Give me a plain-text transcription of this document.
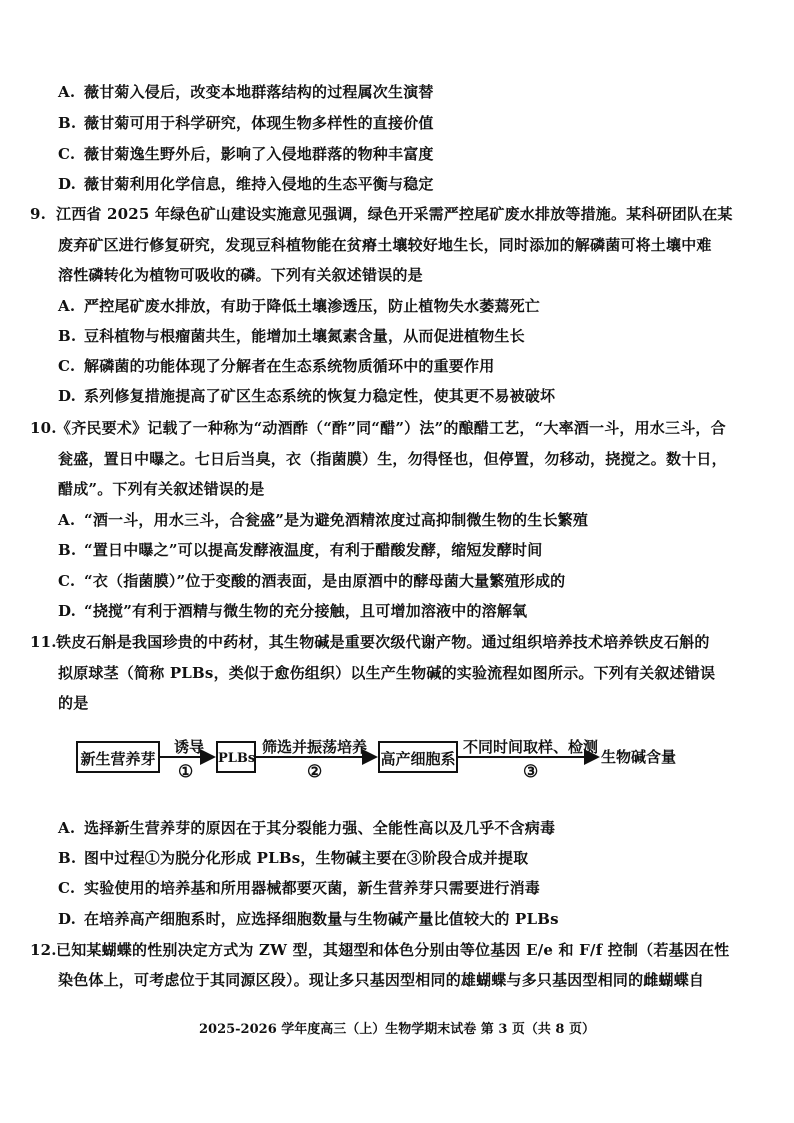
A. 薇甘菊入侵后，改变本地群落结构的过程属次生演替
B. 薇甘菊可用于科学研究，体现生物多样性的直接价值
C. 薇甘菊逸生野外后，影响了入侵地群落的物种丰富度
D. 薇甘菊利用化学信息，维持入侵地的生态平衡与稳定
9. 江西省 2025 年绿色矿山建设实施意见强调，绿色开采需严控尾矿废水排放等措施。某科研团队在某
废弃矿区进行修复研究，发现豆科植物能在贫瘠土壤较好地生长，同时添加的解磷菌可将土壤中难
溶性磷转化为植物可吸收的磷。下列有关叙述错误的是
A. 严控尾矿废水排放，有助于降低土壤渗透压，防止植物失水萎蔫死亡
B. 豆科植物与根瘤菌共生，能增加土壤氮素含量，从而促进植物生长
C. 解磷菌的功能体现了分解者在生态系统物质循环中的重要作用
D. 系列修复措施提高了矿区生态系统的恢复力稳定性，使其更不易被破坏
10.《齐民要术》记载了一种称为“动酒酢（“酢”同“醋”）法”的酿醋工艺，“大率酒一斗，用水三斗，合
瓮盛，置日中曝之。七日后当臭，衣（指菌膜）生，勿得怪也，但停置，勿移动，挠搅之。数十日，
醋成”。下列有关叙述错误的是
A. “酒一斗，用水三斗，合瓮盛”是为避免酒精浓度过高抑制微生物的生长繁殖
B. “置日中曝之”可以提高发酵液温度，有利于醋酸发酵，缩短发酵时间
C. “衣（指菌膜）”位于变酸的酒表面，是由原酒中的酵母菌大量繁殖形成的
D. “挠搅”有利于酒精与微生物的充分接触，且可增加溶液中的溶解氧
11.铁皮石斛是我国珍贵的中药材，其生物碱是重要次级代谢产物。通过组织培养技术培养铁皮石斛的
拟原球茎（简称 PLBs，类似于愈伤组织）以生产生物碱的实验流程如图所示。下列有关叙述错误
的是
新生营养芽	PLBs	高产细胞系
诱导
①
筛选并振荡培养
②
不同时间取样、检测
③
生物碱含量
A. 选择新生营养芽的原因在于其分裂能力强、全能性高以及几乎不含病毒
B. 图中过程①为脱分化形成 PLBs，生物碱主要在③阶段合成并提取
C. 实验使用的培养基和所用器械都要灭菌，新生营养芽只需要进行消毒
D. 在培养高产细胞系时，应选择细胞数量与生物碱产量比值较大的 PLBs
12.已知某蝴蝶的性别决定方式为 ZW 型，其翅型和体色分别由等位基因 E/e 和 F/f 控制（若基因在性
染色体上，可考虑位于其同源区段）。现让多只基因型相同的雄蝴蝶与多只基因型相同的雌蝴蝶自
2025-2026 学年度高三（上）生物学期末试卷 第 3 页（共 8 页）
